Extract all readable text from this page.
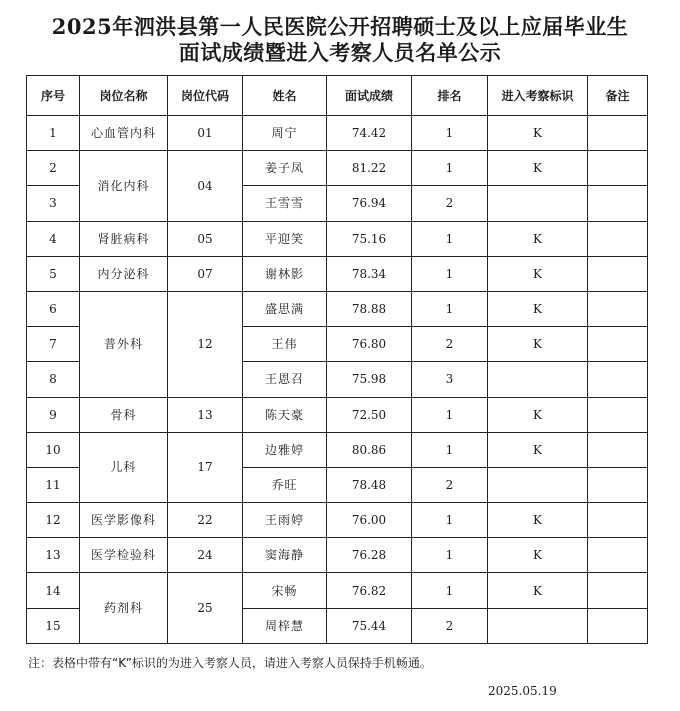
2025年泗洪县第一人民医院公开招聘硕士及以上应届毕业生
面试成绩暨进入考察人员名单公示
序号	岗位名称	岗位代码	姓名	面试成绩	排名	进入考察标识	备注
1	心血管内科	01	周宁	74.42	1	K	
2	消化内科	04	姜子凤	81.22	1	K	
3			王雪雪	76.94	2		
4	肾脏病科	05	平迎笑	75.16	1	K	
5	内分泌科	07	谢林影	78.34	1	K	
6	普外科	12	盛思满	78.88	1	K	
7			王伟	76.80	2	K	
8			王恩召	75.98	3		
9	骨科	13	陈天豪	72.50	1	K	
10	儿科	17	边雅婷	80.86	1	K	
11			乔旺	78.48	2		
12	医学影像科	22	王雨婷	76.00	1	K	
13	医学检验科	24	窦海静	76.28	1	K	
14	药剂科	25	宋畅	76.82	1	K	
15			周梓慧	75.44	2		
注：表格中带有“K”标识的为进入考察人员，请进入考察人员保持手机畅通。
2025.05.19
